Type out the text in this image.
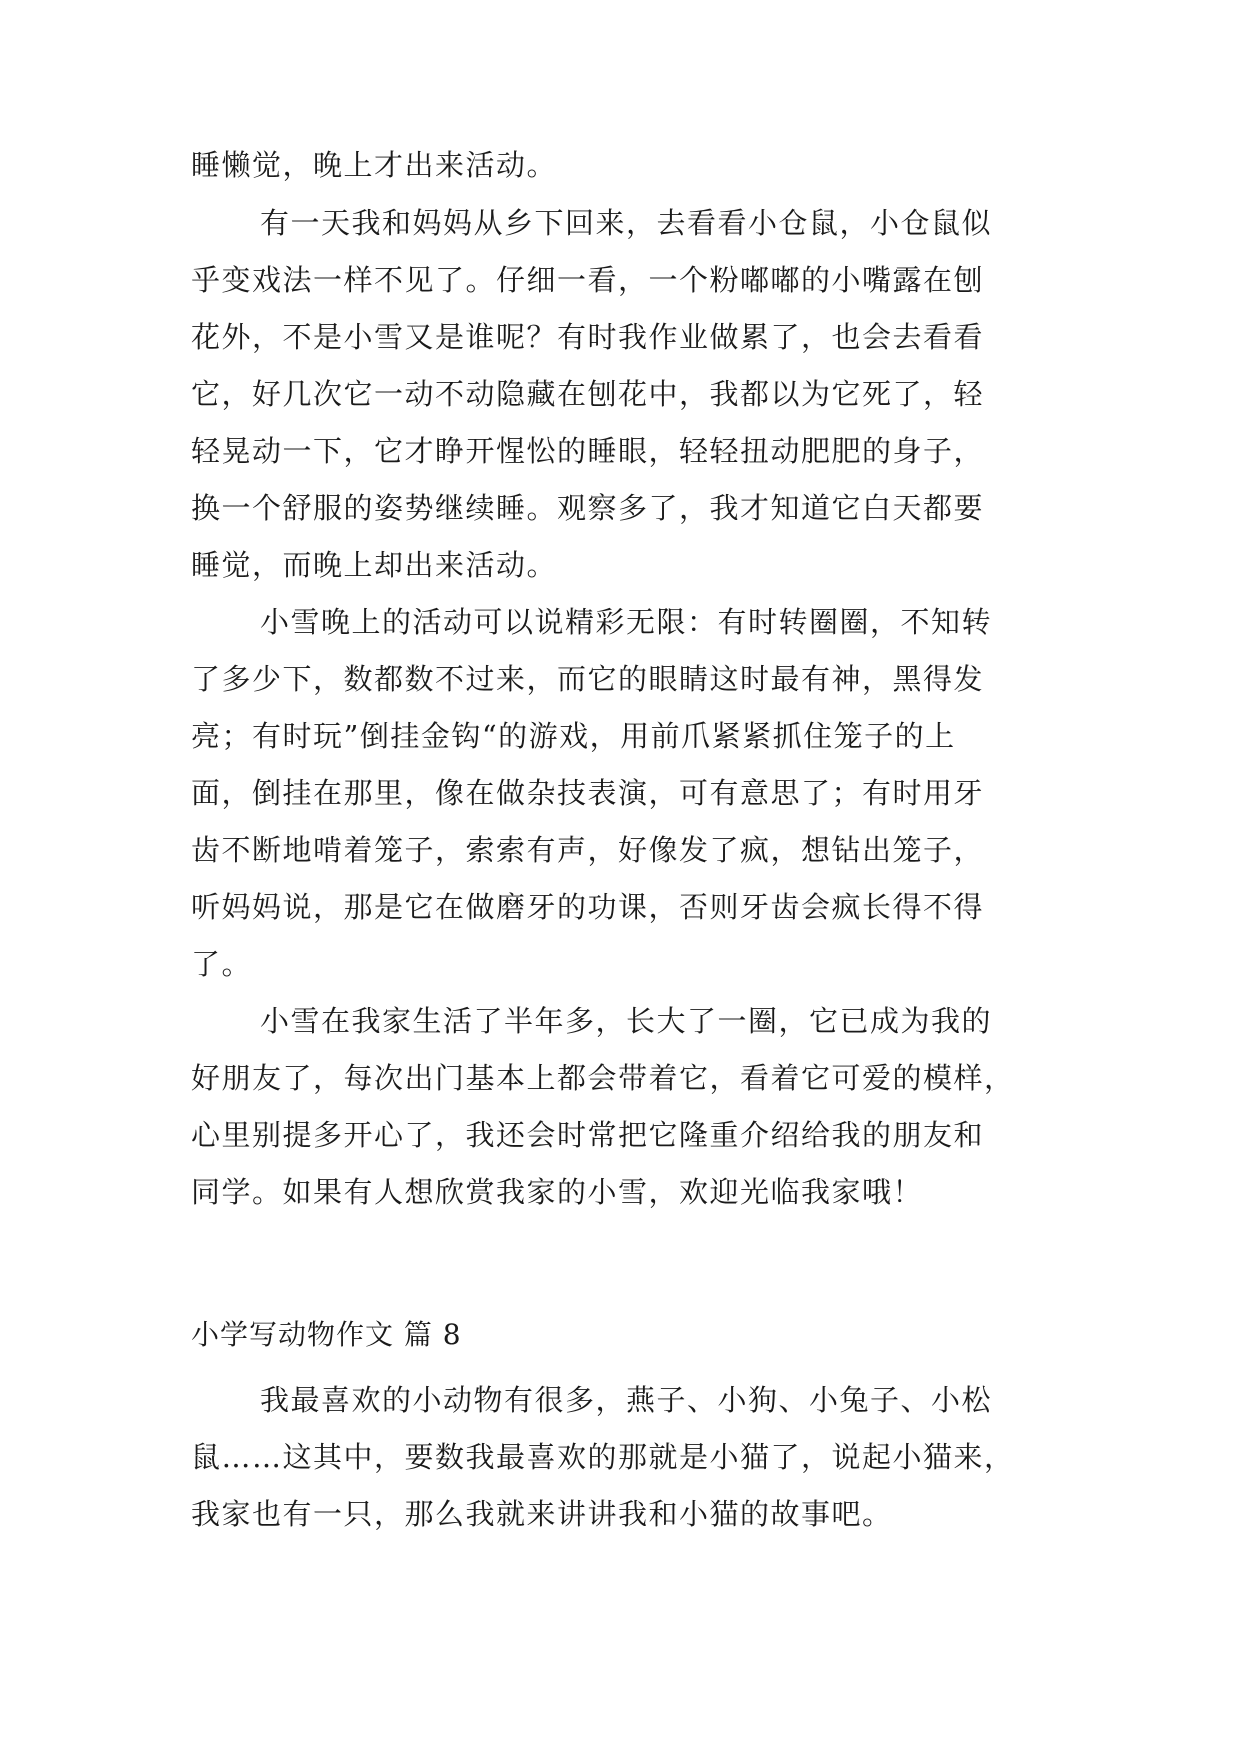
睡懒觉，晚上才出来活动。
有一天我和妈妈从乡下回来，去看看小仓鼠，小仓鼠似
乎变戏法一样不见了。仔细一看，一个粉嘟嘟的小嘴露在刨
花外，不是小雪又是谁呢？有时我作业做累了，也会去看看
它，好几次它一动不动隐藏在刨花中，我都以为它死了，轻
轻晃动一下，它才睁开惺忪的睡眼，轻轻扭动肥肥的身子，
换一个舒服的姿势继续睡。观察多了，我才知道它白天都要
睡觉，而晚上却出来活动。
小雪晚上的活动可以说精彩无限：有时转圈圈，不知转
了多少下，数都数不过来，而它的眼睛这时最有神，黑得发
亮；有时玩”倒挂金钩“的游戏，用前爪紧紧抓住笼子的上
面，倒挂在那里，像在做杂技表演，可有意思了；有时用牙
齿不断地啃着笼子，索索有声，好像发了疯，想钻出笼子，
听妈妈说，那是它在做磨牙的功课，否则牙齿会疯长得不得
了。
小雪在我家生活了半年多，长大了一圈，它已成为我的
好朋友了，每次出门基本上都会带着它，看着它可爱的模样，
心里别提多开心了，我还会时常把它隆重介绍给我的朋友和
同学。如果有人想欣赏我家的小雪，欢迎光临我家哦！
小学写动物作文 篇 8
我最喜欢的小动物有很多，燕子、小狗、小兔子、小松
鼠……这其中，要数我最喜欢的那就是小猫了，说起小猫来，
我家也有一只，那么我就来讲讲我和小猫的故事吧。
